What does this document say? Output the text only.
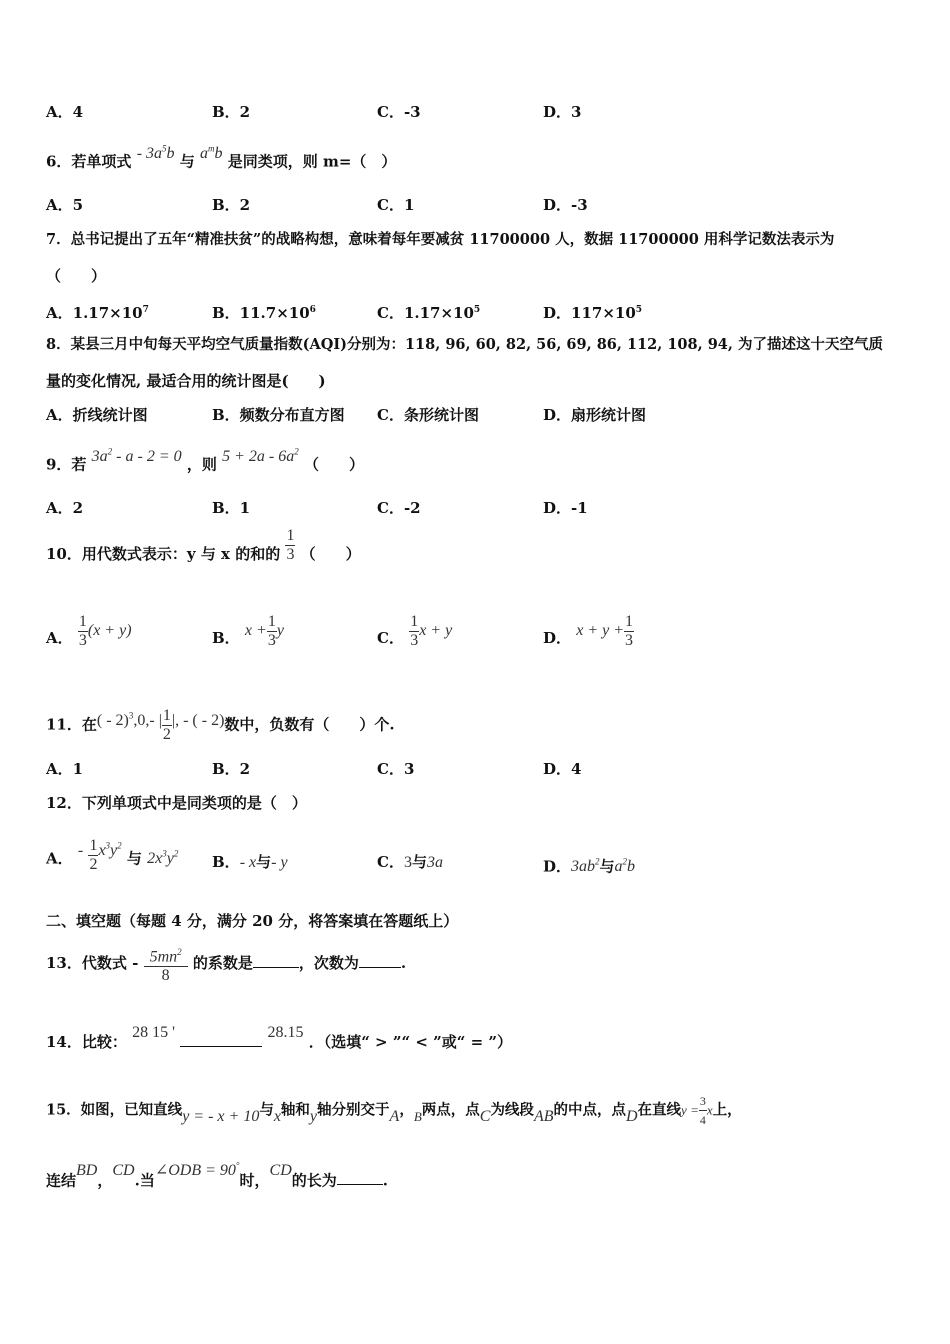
A．4	B．2	C．-3	D．3
6．若单项式 - $3a^5b$ 与 $a^mb$ 是同类项，则 m=（　）
A．5	B．2	C．1	D．-3
7．总书记提出了五年“精准扶贫”的战略构想，意味着每年要减贫 11700000 人，数据 11700000 用科学记数法表示为
（　　）
A．$1.17\times 10^7$	B．$11.7\times 10^6$	C．$1.17\times 10^5$	D．$117\times 10^5$
8．某县三月中旬每天平均空气质量指数(AQI)分别为：118, 96, 60, 82, 56, 69, 86, 112, 108, 94, 为了描述这十天空气质
量的变化情况, 最适合用的统计图是(　　)
A．折线统计图	B．频数分布直方图 C．条形统计图	D．扇形统计图
9．若 $3a^2 - a - 2 = 0$ ，则 $5 + 2a - 6a^2$ （　　）
A．2	B．1	C．-2	D．-1
10．用代数式表示：y 与 x 的和的 $\frac{1}{3}$ （　　）
A． $\frac{1}{3} (x + y)$	B． $x + \frac{1}{3}$ y	C． $\frac{1}{3}$ x + y	D． $x + y + \frac{1}{3}$
11．在( - 2)$^3$,0,- | $\frac{1}{2}$ |, - ( - 2)数中，负数有（　　）个.
A．1	B．2	C．3	D．4
12．下列单项式中是同类项的是（　）
A． - $\frac{1}{2} x^3y^2$ 与 $2x^3y^2$ B．- x与- y	C．3与3a	D．$3ab^2$与$a^2b$
二、填空题（每题 4 分，满分 20 分，将答案填在答题纸上）
13．代数式 - $\frac{5mn^2}{8}$ 的系数是	，次数为	.
14．比较： 28 15 '	28.15 ．（选填“ > ”“ < ”或“ = ”）
15．如图，已知直线y = - x + 10与x轴和y轴分别交于A，B两点，点C为线段AB的中点，点D在直线$y = \frac{3}{4}$ x上，
连结BD，CD.当∠ODB = 90°时，CD的长为	.
